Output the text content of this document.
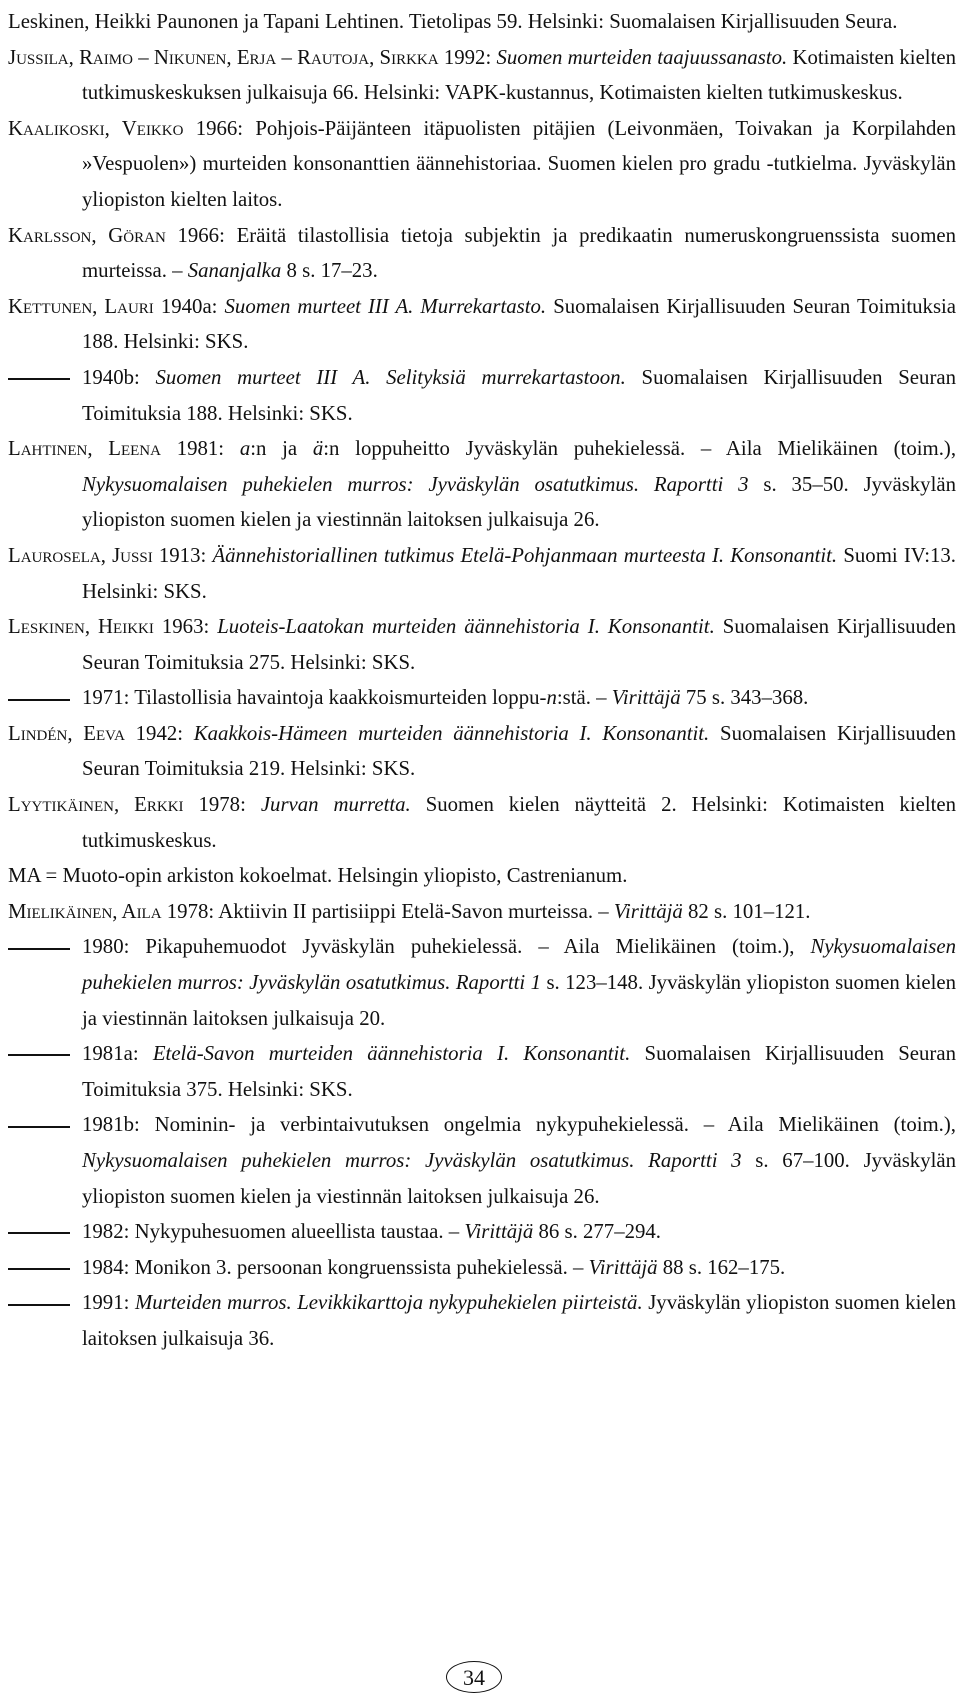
Leskinen, Heikki Paunonen ja Tapani Lehtinen. Tietolipas 59. Helsinki: Suomalaisen Kirjallisuuden Seura.

Jussila, Raimo – Nikunen, Erja – Rautoja, Sirkka 1992: Suomen murteiden taajuussanasto. Kotimaisten kielten tutkimuskeskuksen julkaisuja 66. Helsinki: VAPK-kustannus, Kotimaisten kielten tutkimuskeskus.

Kaalikoski, Veikko 1966: Pohjois-Päijänteen itäpuolisten pitäjien (Leivonmäen, Toivakan ja Korpilahden »Vespuolen») murteiden konsonanttien äännehistoriaa. Suomen kielen pro gradu -tutkielma. Jyväskylän yliopiston kielten laitos.

Karlsson, Göran 1966: Eräitä tilastollisia tietoja subjektin ja predikaatin numeruskongruenssista suomen murteissa. – Sananjalka 8 s. 17–23.

Kettunen, Lauri 1940a: Suomen murteet III A. Murrekartasto. Suomalaisen Kirjallisuuden Seuran Toimituksia 188. Helsinki: SKS.

1940b: Suomen murteet III A. Selityksiä murrekartastoon. Suomalaisen Kirjallisuuden Seuran Toimituksia 188. Helsinki: SKS.

Lahtinen, Leena 1981: a:n ja ä:n loppuheitto Jyväskylän puhekielessä. – Aila Mielikäinen (toim.), Nykysuomalaisen puhekielen murros: Jyväskylän osatutkimus. Raportti 3 s. 35–50. Jyväskylän yliopiston suomen kielen ja viestinnän laitoksen julkaisuja 26.

Laurosela, Jussi 1913: Äännehistoriallinen tutkimus Etelä-Pohjanmaan murteesta I. Konsonantit. Suomi IV:13. Helsinki: SKS.

Leskinen, Heikki 1963: Luoteis-Laatokan murteiden äännehistoria I. Konsonantit. Suomalaisen Kirjallisuuden Seuran Toimituksia 275. Helsinki: SKS.

1971: Tilastollisia havaintoja kaakkoismurteiden loppu-n:stä. – Virittäjä 75 s. 343–368.

Lindén, Eeva 1942: Kaakkois-Hämeen murteiden äännehistoria I. Konsonantit. Suomalaisen Kirjallisuuden Seuran Toimituksia 219. Helsinki: SKS.

Lyytikäinen, Erkki 1978: Jurvan murretta. Suomen kielen näytteitä 2. Helsinki: Kotimaisten kielten tutkimuskeskus.

MA = Muoto-opin arkiston kokoelmat. Helsingin yliopisto, Castrenianum.

Mielikäinen, Aila 1978: Aktiivin II partisiippi Etelä-Savon murteissa. – Virittäjä 82 s. 101–121.

1980: Pikapuhemuodot Jyväskylän puhekielessä. – Aila Mielikäinen (toim.), Nykysuomalaisen puhekielen murros: Jyväskylän osatutkimus. Raportti 1 s. 123–148. Jyväskylän yliopiston suomen kielen ja viestinnän laitoksen julkaisuja 20.

1981a: Etelä-Savon murteiden äännehistoria I. Konsonantit. Suomalaisen Kirjallisuuden Seuran Toimituksia 375. Helsinki: SKS.

1981b: Nominin- ja verbintaivutuksen ongelmia nykypuhekielessä. – Aila Mielikäinen (toim.), Nykysuomalaisen puhekielen murros: Jyväskylän osatutkimus. Raportti 3 s. 67–100. Jyväskylän yliopiston suomen kielen ja viestinnän laitoksen julkaisuja 26.

1982: Nykypuhesuomen alueellista taustaa. – Virittäjä 86 s. 277–294.

1984: Monikon 3. persoonan kongruenssista puhekielessä. – Virittäjä 88 s. 162–175.

1991: Murteiden murros. Levikkikarttoja nykypuhekielen piirteistä. Jyväskylän yliopiston suomen kielen laitoksen julkaisuja 36.

34
